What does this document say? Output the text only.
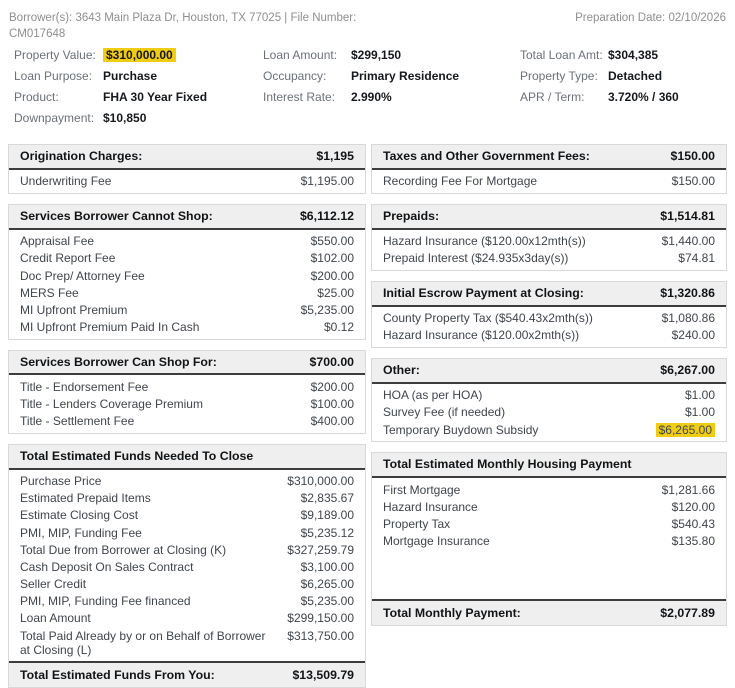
Borrower(s): 3643 Main Plaza Dr, Houston, TX 77025 | File Number:
CM017648
Preparation Date: 02/10/2026
Property Value: $310,000.00
Loan Purpose: Purchase
Product:	FHA 30 Year Fixed
Downpayment: $10,850
Loan Amount:	$299,150
Occupancy:	Primary Residence
Interest Rate:	2.990%
Total Loan Amt: $304,385
Property Type: Detached
APR / Term:	3.720% / 360
Origination Charges:	$1,195
Underwriting Fee	$1,195.00
Services Borrower Cannot Shop:	$6,112.12
Appraisal Fee	$550.00
Credit Report Fee	$102.00
Doc Prep/ Attorney Fee	$200.00
MERS Fee	$25.00
MI Upfront Premium	$5,235.00
MI Upfront Premium Paid In Cash	$0.12
Services Borrower Can Shop For:	$700.00
Title - Endorsement Fee	$200.00
Title - Lenders Coverage Premium	$100.00
Title - Settlement Fee	$400.00
Total Estimated Funds Needed To Close
Purchase Price	$310,000.00
Estimated Prepaid Items	$2,835.67
Estimate Closing Cost	$9,189.00
PMI, MIP, Funding Fee	$5,235.12
Total Due from Borrower at Closing (K)	$327,259.79
Cash Deposit On Sales Contract	$3,100.00
Seller Credit	$6,265.00
PMI, MIP, Funding Fee financed	$5,235.00
Loan Amount	$299,150.00
Total Paid Already by or on Behalf of Borrower at Closing (L)
$313,750.00
Total Estimated Funds From You:	$13,509.79
Taxes and Other Government Fees:	$150.00
Recording Fee For Mortgage	$150.00
Prepaids:	$1,514.81
Hazard Insurance ($120.00x12mth(s))	$1,440.00
Prepaid Interest ($24.935x3day(s))	$74.81
Initial Escrow Payment at Closing:	$1,320.86
County Property Tax ($540.43x2mth(s))	$1,080.86
Hazard Insurance ($120.00x2mth(s))	$240.00
Other:	$6,267.00
HOA (as per HOA)	$1.00
Survey Fee (if needed)	$1.00
Temporary Buydown Subsidy	$6,265.00
Total Estimated Monthly Housing Payment
First Mortgage	$1,281.66
Hazard Insurance	$120.00
Property Tax	$540.43
Mortgage Insurance	$135.80
Total Monthly Payment:	$2,077.89
